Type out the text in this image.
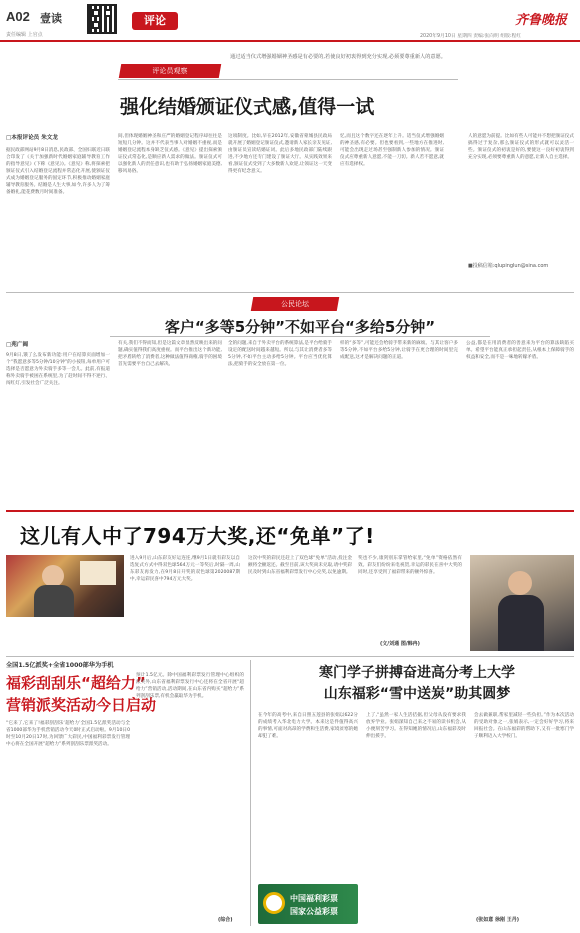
A02 壹读
责任编辑 上官点
评论	齐鲁晚报
2020年9月10日 星期四 责编:张向明 组版:程红
评论员观察
通过适当仪式增强婚姻神圣感是有必要的,若使良好初衷得到充分实现,必须要尊重新人的意愿。
强化结婚颁证仪式感,值得一试
□本报评论员 朱文龙
据民政部网站9月8日消息,民政部、全国妇联近日联合印发了《关于加强新时代婚姻家庭辅导教育工作的指导意见》(下称《意见》)。《意见》称,将探索把颁证仪式引入结婚登记流程并常态化开展,使颁证仪式成为婚姻登记服务的固定环节,积极推动婚姻家庭辅导教育服务。结婚是人生大事,如今,许多人为了筹备婚礼,能花费数月时间准备。
间,但体现婚姻神圣和庄严的婚姻登记程序却往往是短短几分钟。这并不代表当事人对婚姻不重视,而是婚姻登记流程本身缺乏仪式感。《意见》提出探索颁证仪式常态化,是顺应新人需求的做法。颁证仪式可以强化新人的责任意识,也有助于弘扬婚姻家庭美德,移风易俗。
这项制度。比如,早在2012年,安徽省蒙城县民政局就开展了婚姻登记颁证仪式,邀请新人家长亲友见证,由颁证员宣读结婚证词。此后多地民政部门陆续跟进,不少地方还专门建设了颁证大厅。从实践效果来看,颁证仪式受到了大多数新人欢迎,让领证这一天变得更有纪念意义。
忆,而且这个数字还在逐年上升。适当仪式增强婚姻的神圣感,有必要。但也要看到,一些地方在推进时,可能会出现走过场甚至强制新人参加的情况。颁证仪式应尊重新人意愿,不能一刀切。新人若不愿意,就应有选择权。
人的意愿为前提。比如有些人可能并不想把颁证仪式搞得过于复杂,那么颁证仪式的形式就可以灵活一些。颁证仪式的初衷是好的,要使这一良好初衷得到充分实现,必须要尊重新人的意愿,让新人自主选择。
■投稿信箱:qlupinglun@sina.com
公民论坛
客户“多等5分钟”不如平台“多给5分钟”
□苑广阔
9月8日,饿了么发布新功能:用户在结算页面增加一个“我愿意多等5分钟/10分钟”的小按钮,每单用户可选择是否愿意为外卖骑手多等一会儿。此前,有报道称外卖骑手被困在系统里,为了赶时间不得不逆行、闯红灯,引发社会广泛关注。
有关,我们不得而知,但是这篇文章显然反映出来的问题,确实值得我们高度重视。而平台推出这个新功能,把矛盾转给了消费者,这种做法值得商榷,骑手的困境首先需要平台自己去解决。
全的问题,来自于外卖平台的系统算法,是平台给骑手设定的配送时间越来越短。所以,与其让消费者多等5分钟,不如平台主动多给5分钟。平台应当优化算法,把骑手的安全放在第一位。
样的“多等”,可能还会给骑手带来新的麻烦。与其让客户多等5分钟,不如平台多给5分钟,让骑手在更合理的时间里完成配送,这才是解决问题的正道。
公益,都是在用消费者的善意来为平台的算法缺陷买单。希望平台能真正承担起责任,从根本上保障骑手的权益和安全,而不是一味地转嫁矛盾。
这儿有人中了794万大奖,还“免单”了!
进入9月后,山东彩友好运连连,继9月1日就有彩友以自选复式方式中得双色球564万元一等奖后,时隔一周,山东彩友再发力,在9月8日开奖的双色球第2020087期中,幸运彩民喜中794万元大奖。
这次中奖的彩民还赶上了双色球“免单”活动,投注金额将全额返还。截至目前,该大奖尚未兑取,请中奖彩民及时到山东省福利彩票发行中心兑奖,以免逾期。
奖也不少,康剑别东掌管给家里,“免单”资格依然有效。彩友们纷纷来电祝贺,幸运的彩民在喜中大奖的同时,还享受到了福彩带来的额外惊喜。
(文/刘通 图/韩冉)
全国1.5亿派奖+全省1000部华为手机
福彩刮刮乐“超给力”
营销派奖活动今日启动
“它来了,它来了!福彩刮刮乐‘超给力’全国1.5亿派奖活动与全省1000部华为手机营销活动今天0时正式启动啦。9月10日0时至10月20日17时,为回馈广大彩民,中国福利彩票发行管理中心将在全国开展“超给力”系列刮刮乐票派奖活动。
预计1.5亿元。除中国福利彩票发行管理中心组织的派奖外,山东省福利彩票发行中心还将在全省开展“超给力”营销活动,活动期间,在山东省内购买“超给力”系列刮刮乐票,有机会赢取华为手机。
(综合)
寒门学子拼搏奋进高分考上大学
山东福彩“雪中送炭”助其圆梦
在今年的高考中,来自日照五莲县的张娟以622分的成绩考入华北电力大学。本来这是件值得高兴的事情,可面对高昂的学费和生活费,家境贫寒的她却犯了难。
上了,“虽然一家人生活拮据,但父母从没有要求我放弃学业。张娟深知自己来之不易的读书机会,从小便刻苦学习。在得知她的情况后,山东福彩及时伸出援手。
会去做兼职,帮家里减轻一些负担。”作为本次活动的受助对象之一,张娟表示,一定会好好学习,将来回报社会。在山东福彩的帮助下,又有一批寒门学子顺利迈入大学校门。
中国福利彩票
国家公益彩票
(张如意 徐刚 王丹)
